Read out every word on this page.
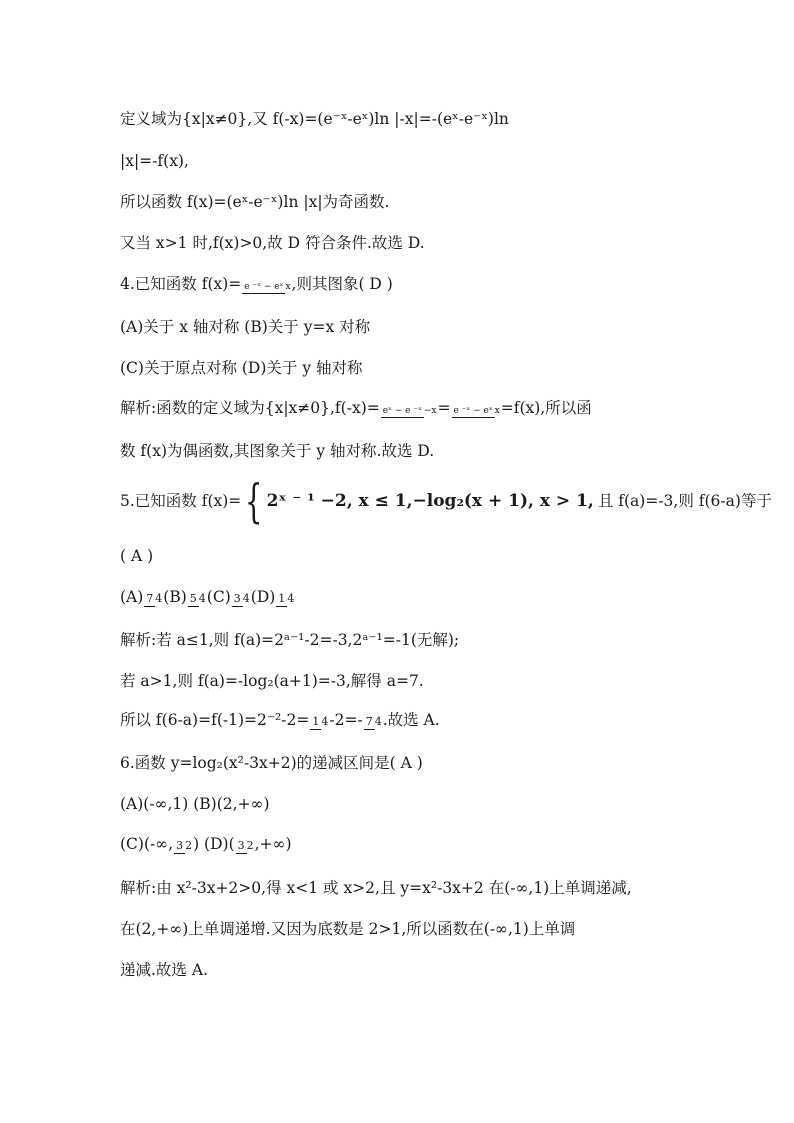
定义域为{x|x≠0},又 f(-x)=(e⁻ˣ-eˣ)ln |-x|=-(eˣ-e⁻ˣ)ln
|x|=-f(x),
所以函数 f(x)=(eˣ-e⁻ˣ)ln |x|为奇函数.
又当 x>1 时,f(x)>0,故 D 符合条件.故选 D.
4.已知函数 f(x)= e ⁻ˣ − eˣ x,则其图象( D )
(A)关于 x 轴对称 (B)关于 y=x 对称
(C)关于原点对称 (D)关于 y 轴对称
解析:函数的定义域为{x|x≠0},f(-x)= eˣ − e ⁻ˣ −x= e ⁻ˣ − eˣ x=f(x),所以函
数 f(x)为偶函数,其图象关于 y 轴对称.故选 D.
5.已知函数 f(x)={ 2ˣ ⁻ ¹ −2, x ≤ 1,−log₂(x + 1), x > 1, 且 f(a)=-3,则 f(6-a)等于
( A )
(A) 7 4(B) 5 4(C) 3 4(D) 1 4
解析:若 a≤1,则 f(a)=2ᵃ⁻¹-2=-3,2ᵃ⁻¹=-1(无解);
若 a>1,则 f(a)=-log₂(a+1)=-3,解得 a=7.
所以 f(6-a)=f(-1)=2⁻²-2= 1 4-2=- 7 4.故选 A.
6.函数 y=log₂(x²-3x+2)的递减区间是( A )
(A)(-∞,1) (B)(2,+∞)
(C)(-∞, 3 2) (D)( 3 2,+∞)
解析:由 x²-3x+2>0,得 x<1 或 x>2,且 y=x²-3x+2 在(-∞,1)上单调递减,
在(2,+∞)上单调递增.又因为底数是 2>1,所以函数在(-∞,1)上单调
递减.故选 A.
